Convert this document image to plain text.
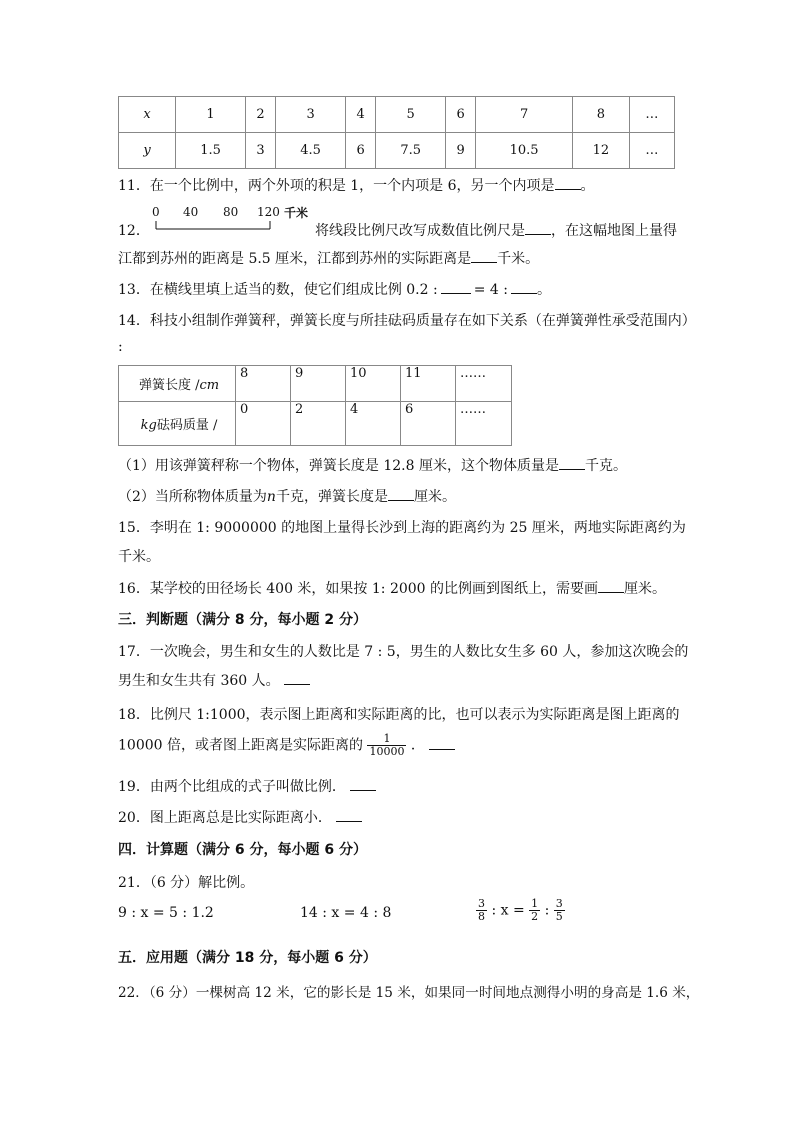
x	1	2	3	4	5	6	7	8	…
y	1.5	3	4.5	6	7.5	9	10.5	12	…
11．在一个比例中，两个外项的积是 1，一个内项是 6，另一个内项是 。
12．
0 40 80 120 千米
将线段比例尺改写成数值比例尺是 ，在这幅地图上量得
江都到苏州的距离是 5.5 厘米，江都到苏州的实际距离是 千米。
13．在横线里填上适当的数，使它们组成比例 0.2 :	= 4 : 。
14．科技小组制作弹簧秤，弹簧长度与所挂砝码质量存在如下关系（在弹簧弹性承受范围内）
:
弹簧长度 /cm	8	9	10	11	……
kg砝码质量 /	0	2	4	6	……
（1）用该弹簧秤称一个物体，弹簧长度是 12.8 厘米，这个物体质量是 千克。
（2）当所称物体质量为n千克，弹簧长度是 厘米。
15．李明在 1: 9000000 的地图上量得长沙到上海的距离约为 25 厘米，两地实际距离约为
千米。
16．某学校的田径场长 400 米，如果按 1: 2000 的比例画到图纸上，需要画 厘米。
三．判断题（满分 8 分，每小题 2 分）
17．一次晚会，男生和女生的人数比是 7 : 5，男生的人数比女生多 60 人，参加这次晚会的
男生和女生共有 360 人。
18．比例尺 1:1000，表示图上距离和实际距离的比，也可以表示为实际距离是图上距离的
10000 倍，或者图上距离是实际距离的 $\frac{1}{10000}$ ．
19．由两个比组成的式子叫做比例．
20．图上距离总是比实际距离小．
四．计算题（满分 6 分，每小题 6 分）
21．（6 分）解比例。
9 : x = 5 : 1.2	14 : x = 4 : 8	$\frac{3}{8}$ : $x = \frac{1}{2}$ : $\frac{3}{5}$
五．应用题（满分 18 分，每小题 6 分）
22．（6 分）一棵树高 12 米，它的影长是 15 米，如果同一时间地点测得小明的身高是 1.6 米，
